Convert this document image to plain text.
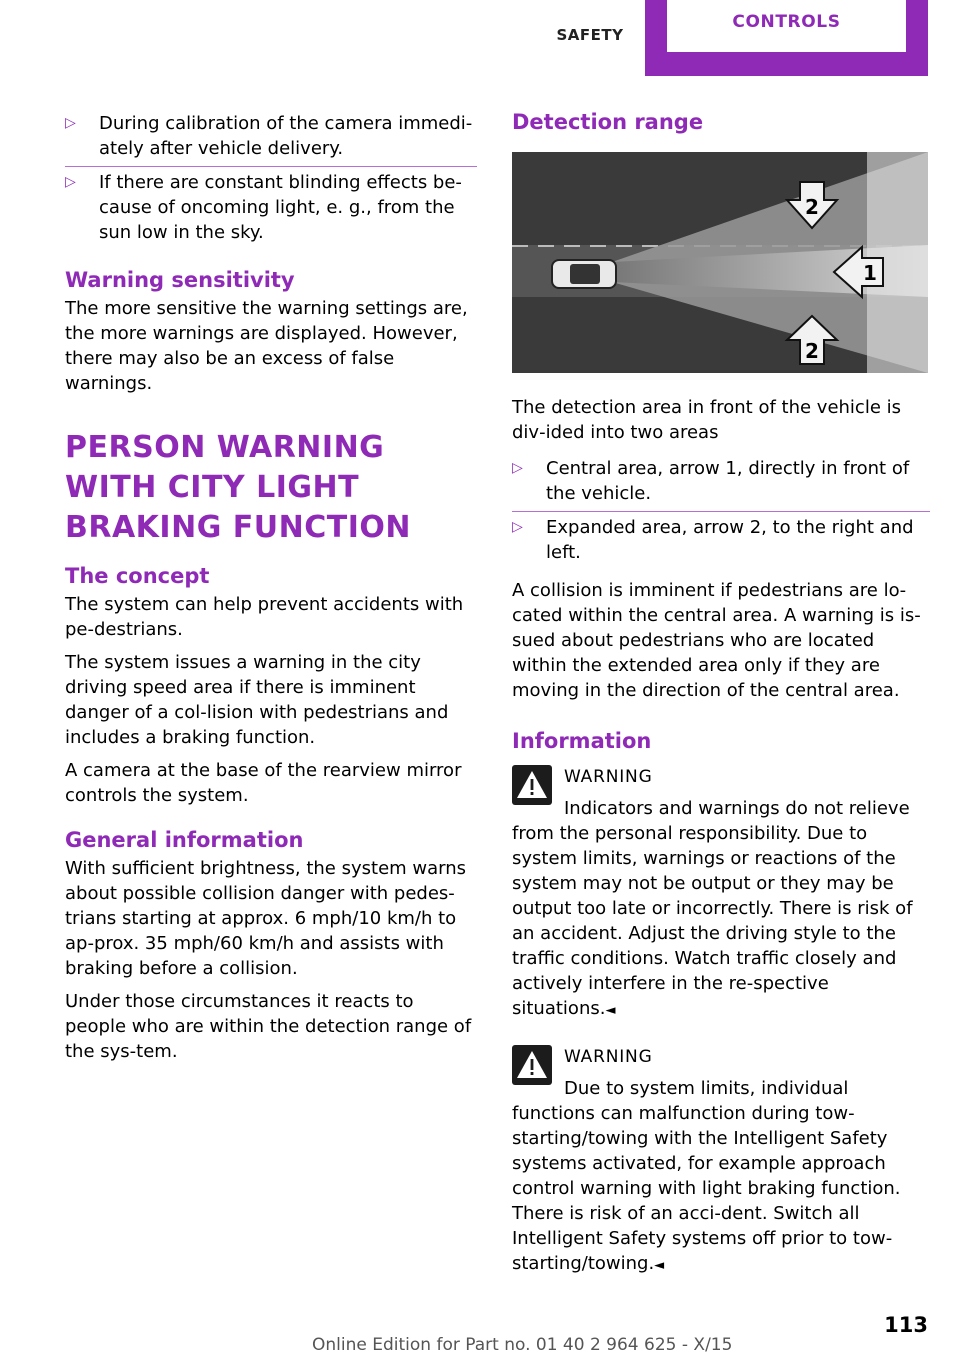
SAFETY
CONTROLS
▷	During calibration of the camera immedi‐ately after vehicle delivery.
▷	If there are constant blinding effects be‐cause of oncoming light, e. g., from the sun low in the sky.
Warning sensitivity

The more sensitive the warning settings are, the more warnings are displayed. However, there may also be an excess of false warnings.

PERSON WARNING WITH CITY LIGHT BRAKING FUNCTION
The concept

The system can help prevent accidents with pe‐destrians.

The system issues a warning in the city driving speed area if there is imminent danger of a col‐lision with pedestrians and includes a braking function.

A camera at the base of the rearview mirror controls the system.

General information

With sufficient brightness, the system warns about possible collision danger with pedes‐trians starting at approx. 6 mph/10 km/h to ap‐prox. 35 mph/60 km/h and assists with braking before a collision.

Under those circumstances it reacts to people who are within the detection range of the sys‐tem.

Detection range
2
1
2

The detection area in front of the vehicle is div‐ided into two areas

▷	Central area, arrow 1, directly in front of the vehicle.
▷	Expanded area, arrow 2, to the right and left.

A collision is imminent if pedestrians are lo‐cated within the central area. A warning is is‐sued about pedestrians who are located within the extended area only if they are moving in the direction of the central area.

Information
WARNING

Indicators and warnings do not relieve from the personal responsibility. Due to system limits, warnings or reactions of the system may not be output or they may be output too late or incorrectly. There is risk of an accident. Adjust the driving style to the traffic conditions. Watch traffic closely and actively interfere in the re‐spective situations.◄

WARNING

Due to system limits, individual functions can malfunction during tow-starting/towing with the Intelligent Safety systems activated, for example approach control warning with light braking function. There is risk of an acci‐dent. Switch all Intelligent Safety systems off prior to tow-starting/towing.◄

Online Edition for Part no. 01 40 2 964 625 - X/15
113
